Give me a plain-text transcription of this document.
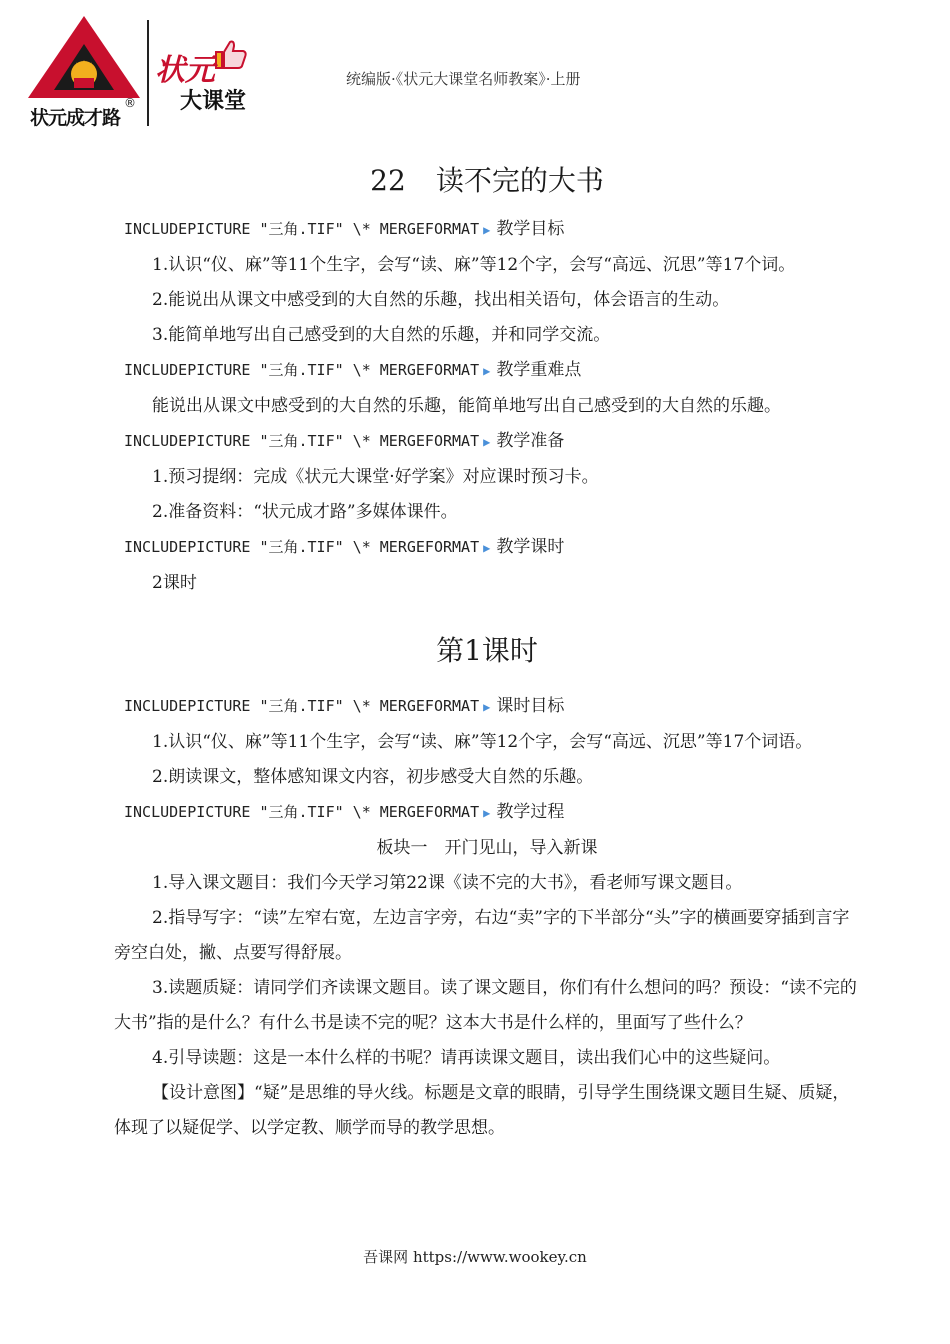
状元成才路
®
状元
大课堂
统编版·《状元大课堂名师教案》·上册
22 读不完的大书

INCLUDEPICTURE "三角.TIF" \* MERGEFORMAT ▶ 教学目标

1.认识“仪、麻”等11个生字，会写“读、麻”等12个字，会写“高远、沉思”等17个词。

2.能说出从课文中感受到的大自然的乐趣，找出相关语句，体会语言的生动。

3.能简单地写出自己感受到的大自然的乐趣，并和同学交流。

INCLUDEPICTURE "三角.TIF" \* MERGEFORMAT ▶ 教学重难点

能说出从课文中感受到的大自然的乐趣，能简单地写出自己感受到的大自然的乐趣。

INCLUDEPICTURE "三角.TIF" \* MERGEFORMAT ▶ 教学准备

1.预习提纲：完成《状元大课堂·好学案》对应课时预习卡。

2.准备资料：“状元成才路”多媒体课件。

INCLUDEPICTURE "三角.TIF" \* MERGEFORMAT ▶ 教学课时

2课时

第1课时

INCLUDEPICTURE "三角.TIF" \* MERGEFORMAT ▶ 课时目标

1.认识“仪、麻”等11个生字，会写“读、麻”等12个字，会写“高远、沉思”等17个词语。

2.朗读课文，整体感知课文内容，初步感受大自然的乐趣。

INCLUDEPICTURE "三角.TIF" \* MERGEFORMAT ▶ 教学过程

板块一　开门见山，导入新课

1.导入课文题目：我们今天学习第22课《读不完的大书》，看老师写课文题目。

2.指导写字：“读”左窄右宽，左边言字旁，右边“卖”字的下半部分“头”字的横画要穿插到言字旁空白处，撇、点要写得舒展。

3.读题质疑：请同学们齐读课文题目。读了课文题目，你们有什么想问的吗？预设：“读不完的大书”指的是什么？有什么书是读不完的呢？这本大书是什么样的，里面写了些什么？

4.引导读题：这是一本什么样的书呢？请再读课文题目，读出我们心中的这些疑问。

【设计意图】“疑”是思维的导火线。标题是文章的眼睛，引导学生围绕课文题目生疑、质疑，体现了以疑促学、以学定教、顺学而导的教学思想。

吾课网 https://www.wookey.cn
